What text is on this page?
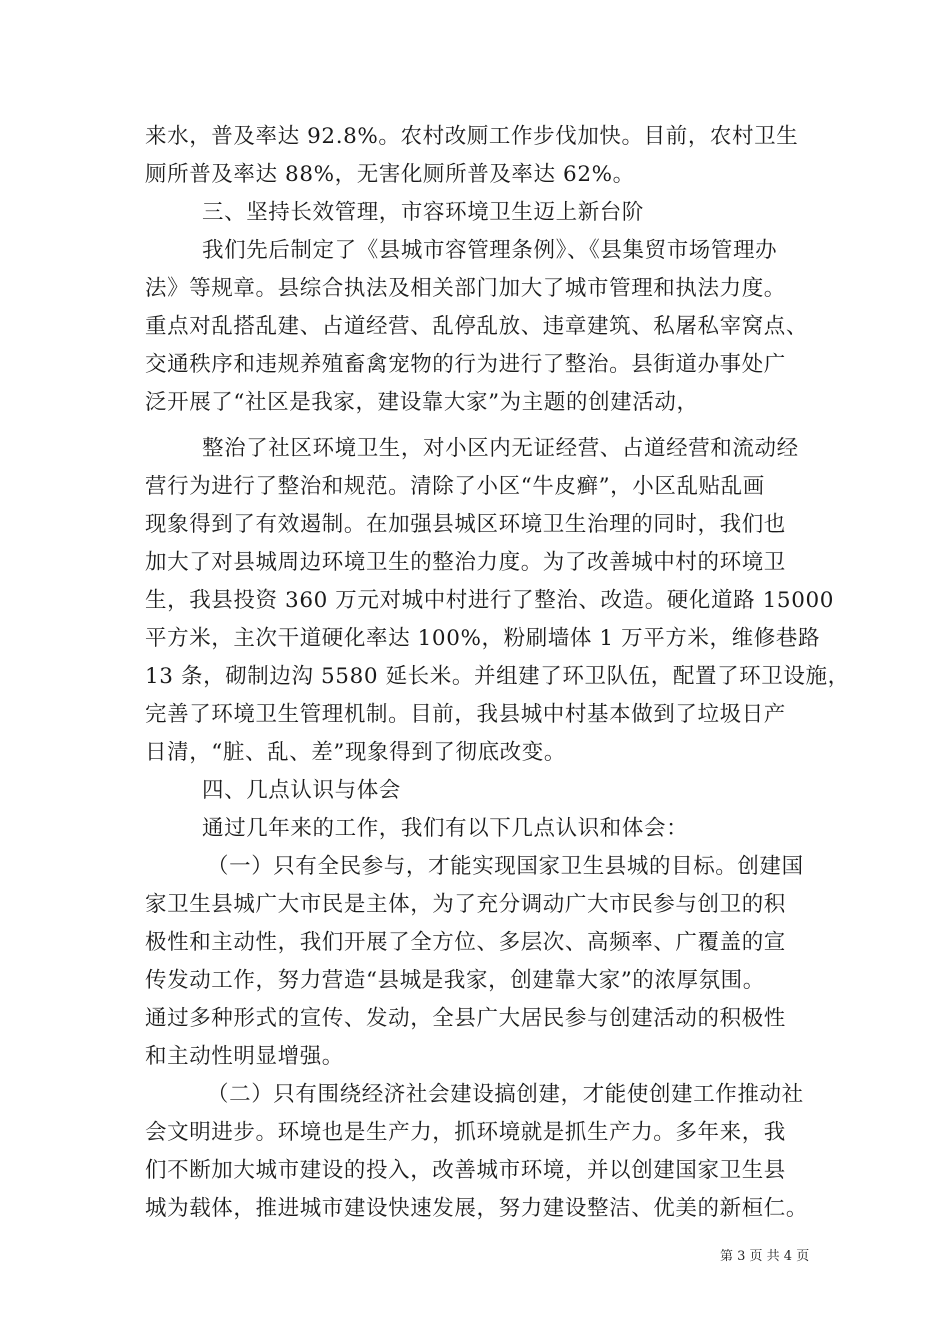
来水，普及率达 92.8%。农村改厕工作步伐加快。目前，农村卫生
厕所普及率达 88%，无害化厕所普及率达 62%。
三、坚持长效管理，市容环境卫生迈上新台阶
我们先后制定了《县城市容管理条例》、《县集贸市场管理办
法》等规章。县综合执法及相关部门加大了城市管理和执法力度。
重点对乱搭乱建、占道经营、乱停乱放、违章建筑、私屠私宰窝点、
交通秩序和违规养殖畜禽宠物的行为进行了整治。县街道办事处广
泛开展了“社区是我家，建设靠大家”为主题的创建活动，
整治了社区环境卫生，对小区内无证经营、占道经营和流动经
营行为进行了整治和规范。清除了小区“牛皮癣”，小区乱贴乱画
现象得到了有效遏制。在加强县城区环境卫生治理的同时，我们也
加大了对县城周边环境卫生的整治力度。为了改善城中村的环境卫
生，我县投资 360 万元对城中村进行了整治、改造。硬化道路 15000
平方米，主次干道硬化率达 100%，粉刷墙体 1 万平方米，维修巷路
13 条，砌制边沟 5580 延长米。并组建了环卫队伍，配置了环卫设施，
完善了环境卫生管理机制。目前，我县城中村基本做到了垃圾日产
日清，“脏、乱、差”现象得到了彻底改变。
四、几点认识与体会
通过几年来的工作，我们有以下几点认识和体会：
（一）只有全民参与，才能实现国家卫生县城的目标。创建国
家卫生县城广大市民是主体，为了充分调动广大市民参与创卫的积
极性和主动性，我们开展了全方位、多层次、高频率、广覆盖的宣
传发动工作，努力营造“县城是我家，创建靠大家”的浓厚氛围。
通过多种形式的宣传、发动，全县广大居民参与创建活动的积极性
和主动性明显增强。
（二）只有围绕经济社会建设搞创建，才能使创建工作推动社
会文明进步。环境也是生产力，抓环境就是抓生产力。多年来，我
们不断加大城市建设的投入，改善城市环境，并以创建国家卫生县
城为载体，推进城市建设快速发展，努力建设整洁、优美的新桓仁。
第 3 页 共 4 页
